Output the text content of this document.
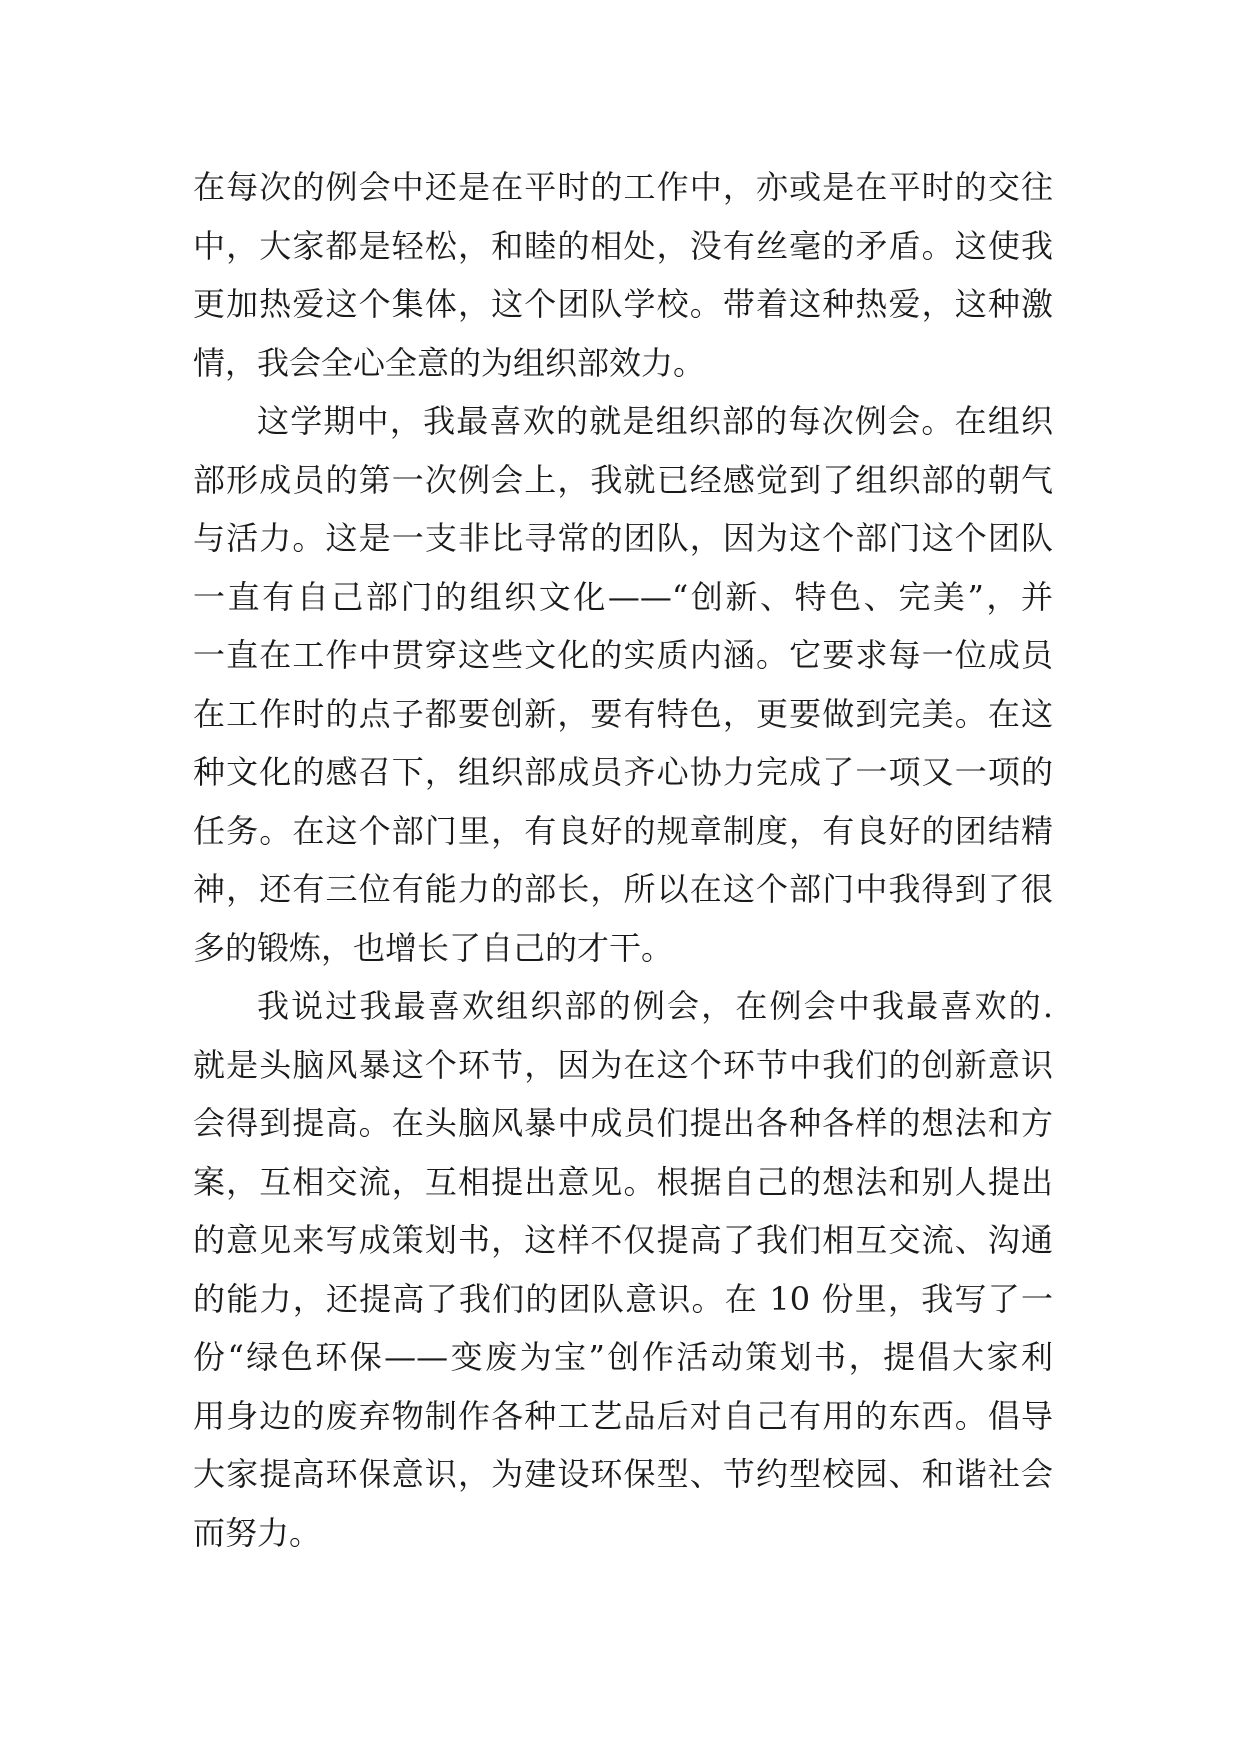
在每次的例会中还是在平时的工作中，亦或是在平时的交往
中，大家都是轻松，和睦的相处，没有丝毫的矛盾。这使我
更加热爱这个集体，这个团队学校。带着这种热爱，这种激
情，我会全心全意的为组织部效力。
这学期中，我最喜欢的就是组织部的每次例会。在组织
部形成员的第一次例会上，我就已经感觉到了组织部的朝气
与活力。这是一支非比寻常的团队，因为这个部门这个团队
一直有自己部门的组织文化——“创新、特色、完美”，并
一直在工作中贯穿这些文化的实质内涵。它要求每一位成员
在工作时的点子都要创新，要有特色，更要做到完美。在这
种文化的感召下，组织部成员齐心协力完成了一项又一项的
任务。在这个部门里，有良好的规章制度，有良好的团结精
神，还有三位有能力的部长，所以在这个部门中我得到了很
多的锻炼，也增长了自己的才干。
我说过我最喜欢组织部的例会，在例会中我最喜欢的.
就是头脑风暴这个环节，因为在这个环节中我们的创新意识
会得到提高。在头脑风暴中成员们提出各种各样的想法和方
案，互相交流，互相提出意见。根据自己的想法和别人提出
的意见来写成策划书，这样不仅提高了我们相互交流、沟通
的能力，还提高了我们的团队意识。在 10 份里，我写了一
份“绿色环保——变废为宝”创作活动策划书，提倡大家利
用身边的废弃物制作各种工艺品后对自己有用的东西。倡导
大家提高环保意识，为建设环保型、节约型校园、和谐社会
而努力。
